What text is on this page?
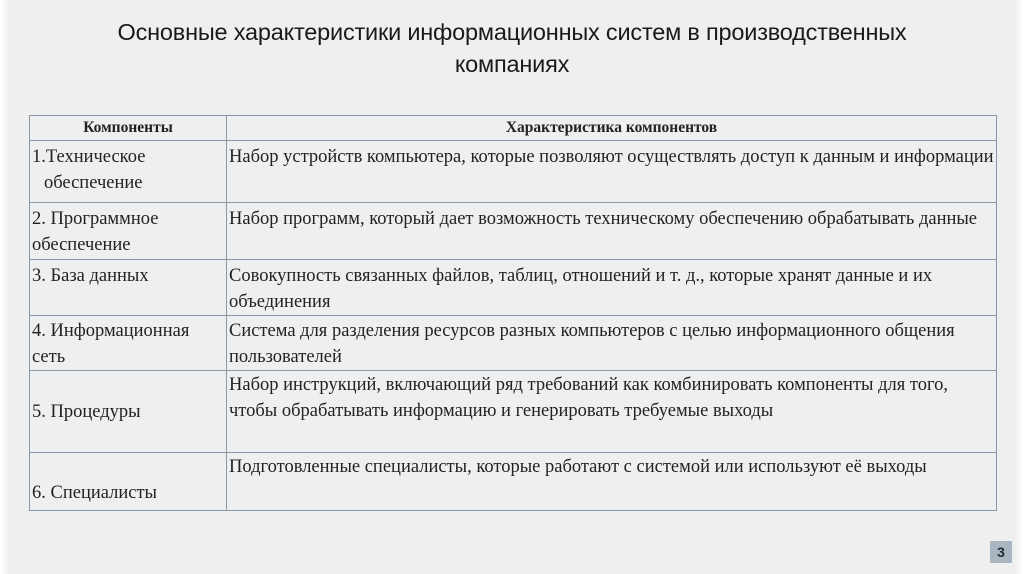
Основные характеристики информационных систем в производственных компаниях
Компоненты	Характеристика компонентов
1.Техническое обеспечение	Набор устройств компьютера, которые позволяют осуществлять доступ к данным и информации
2. Программное обеспечение	Набор программ, который дает возможность техническому обеспечению обрабатывать данные
3. База данных	Совокупность связанных файлов, таблиц, отношений и т. д., которые хранят данные и их объединения
4. Информационная сеть	Система для разделения ресурсов разных компьютеров с целью информационного общения пользователей
5. Процедуры	Набор инструкций, включающий ряд требований как комбинировать компоненты для того, чтобы обрабатывать информацию и генерировать требуемые выходы
6. Специалисты	Подготовленные специалисты, которые работают с системой или используют её выходы
3
